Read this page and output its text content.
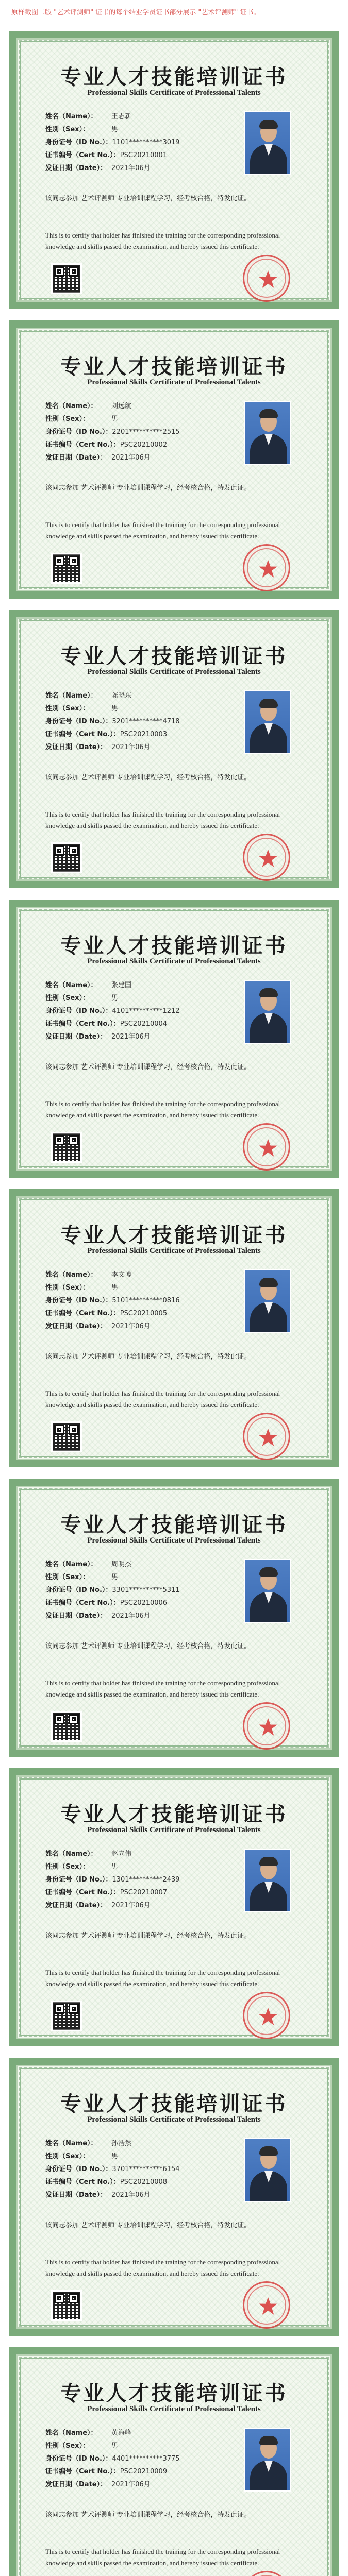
原样截图二版 "艺术评测师" 证书的每个结业学员证书部分展示 "艺术评测师" 证书。
专业人才技能培训证书
Professional Skills Certificate of Professional Talents
姓名（Name）： 王志新
性别（Sex）：	男
身份证号（ID No.）：1101**********3019
证书编号（Cert No.）：PSC20210001
发证日期（Date）： 2021年06月
该同志参加 艺术评测师 专业培训课程学习，经考核合格，特发此证。
This is to certify that holder has finished the training for the corresponding professional knowledge and skills passed the examination, and hereby issued this certificate.
专业人才技能培训证书
Professional Skills Certificate of Professional Talents
姓名（Name）： 刘远航
性别（Sex）：	男
身份证号（ID No.）：2201**********2515
证书编号（Cert No.）：PSC20210002
发证日期（Date）： 2021年06月
该同志参加 艺术评测师 专业培训课程学习，经考核合格，特发此证。
This is to certify that holder has finished the training for the corresponding professional knowledge and skills passed the examination, and hereby issued this certificate.
专业人才技能培训证书
Professional Skills Certificate of Professional Talents
姓名（Name）： 陈晓东
性别（Sex）：	男
身份证号（ID No.）：3201**********4718
证书编号（Cert No.）：PSC20210003
发证日期（Date）： 2021年06月
该同志参加 艺术评测师 专业培训课程学习，经考核合格，特发此证。
This is to certify that holder has finished the training for the corresponding professional knowledge and skills passed the examination, and hereby issued this certificate.
专业人才技能培训证书
Professional Skills Certificate of Professional Talents
姓名（Name）： 张建国
性别（Sex）：	男
身份证号（ID No.）：4101**********1212
证书编号（Cert No.）：PSC20210004
发证日期（Date）： 2021年06月
该同志参加 艺术评测师 专业培训课程学习，经考核合格，特发此证。
This is to certify that holder has finished the training for the corresponding professional knowledge and skills passed the examination, and hereby issued this certificate.
专业人才技能培训证书
Professional Skills Certificate of Professional Talents
姓名（Name）： 李文博
性别（Sex）：	男
身份证号（ID No.）：5101**********0816
证书编号（Cert No.）：PSC20210005
发证日期（Date）： 2021年06月
该同志参加 艺术评测师 专业培训课程学习，经考核合格，特发此证。
This is to certify that holder has finished the training for the corresponding professional knowledge and skills passed the examination, and hereby issued this certificate.
专业人才技能培训证书
Professional Skills Certificate of Professional Talents
姓名（Name）： 周明杰
性别（Sex）：	男
身份证号（ID No.）：3301**********5311
证书编号（Cert No.）：PSC20210006
发证日期（Date）： 2021年06月
该同志参加 艺术评测师 专业培训课程学习，经考核合格，特发此证。
This is to certify that holder has finished the training for the corresponding professional knowledge and skills passed the examination, and hereby issued this certificate.
专业人才技能培训证书
Professional Skills Certificate of Professional Talents
姓名（Name）： 赵立伟
性别（Sex）：	男
身份证号（ID No.）：1301**********2439
证书编号（Cert No.）：PSC20210007
发证日期（Date）： 2021年06月
该同志参加 艺术评测师 专业培训课程学习，经考核合格，特发此证。
This is to certify that holder has finished the training for the corresponding professional knowledge and skills passed the examination, and hereby issued this certificate.
专业人才技能培训证书
Professional Skills Certificate of Professional Talents
姓名（Name）： 孙浩然
性别（Sex）：	男
身份证号（ID No.）：3701**********6154
证书编号（Cert No.）：PSC20210008
发证日期（Date）： 2021年06月
该同志参加 艺术评测师 专业培训课程学习，经考核合格，特发此证。
This is to certify that holder has finished the training for the corresponding professional knowledge and skills passed the examination, and hereby issued this certificate.
专业人才技能培训证书
Professional Skills Certificate of Professional Talents
姓名（Name）： 黄海峰
性别（Sex）：	男
身份证号（ID No.）：4401**********3775
证书编号（Cert No.）：PSC20210009
发证日期（Date）： 2021年06月
该同志参加 艺术评测师 专业培训课程学习，经考核合格，特发此证。
This is to certify that holder has finished the training for the corresponding professional knowledge and skills passed the examination, and hereby issued this certificate.
